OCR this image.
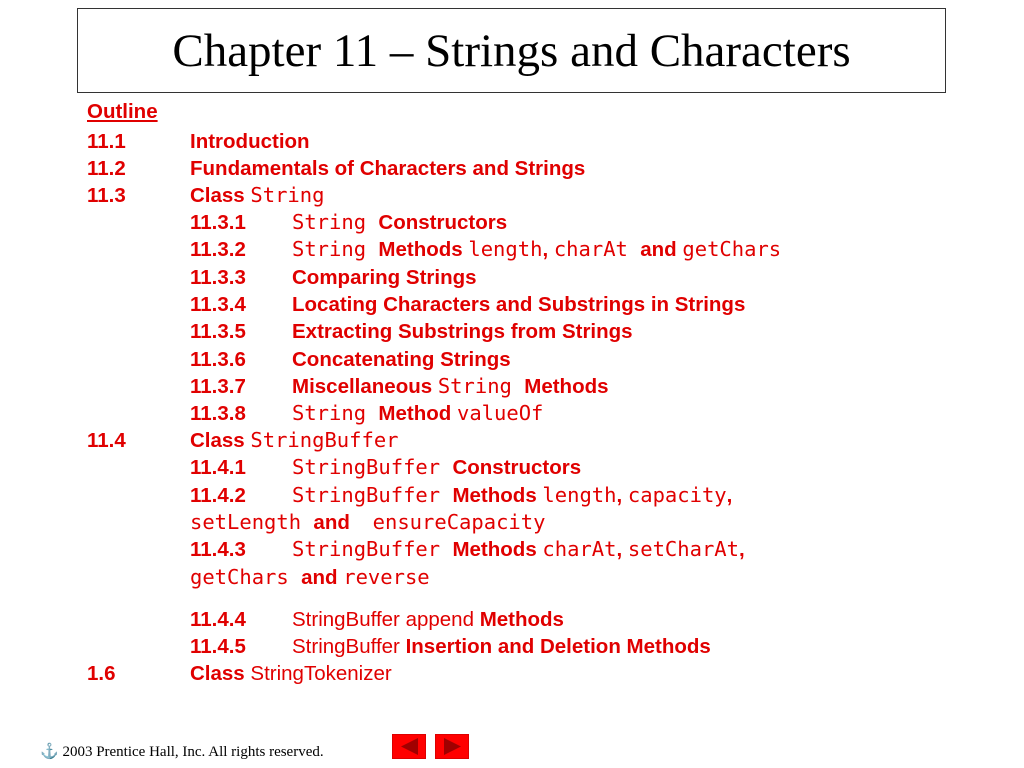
Chapter 11 – Strings and Characters
Outline
11.1	Introduction
11.2	Fundamentals of Characters and Strings
11.3	Class String
11.3.1 String Constructors
11.3.2 String Methods length, charAt and getChars
11.3.3 Comparing Strings
11.3.4 Locating Characters and Substrings in Strings
11.3.5 Extracting Substrings from Strings
11.3.6 Concatenating Strings
11.3.7 Miscellaneous String Methods
11.3.8 String Method valueOf
11.4	Class StringBuffer
11.4.1 StringBuffer Constructors
11.4.2 StringBuffer Methods length, capacity,
setLength and    ensureCapacity
11.4.3 StringBuffer Methods charAt, setCharAt,
getChars and reverse
11.4.4 StringBuffer append Methods
11.4.5 StringBuffer Insertion and Deletion Methods
1.6	Class StringTokenizer
⚓ 2003 Prentice Hall, Inc. All rights reserved.
